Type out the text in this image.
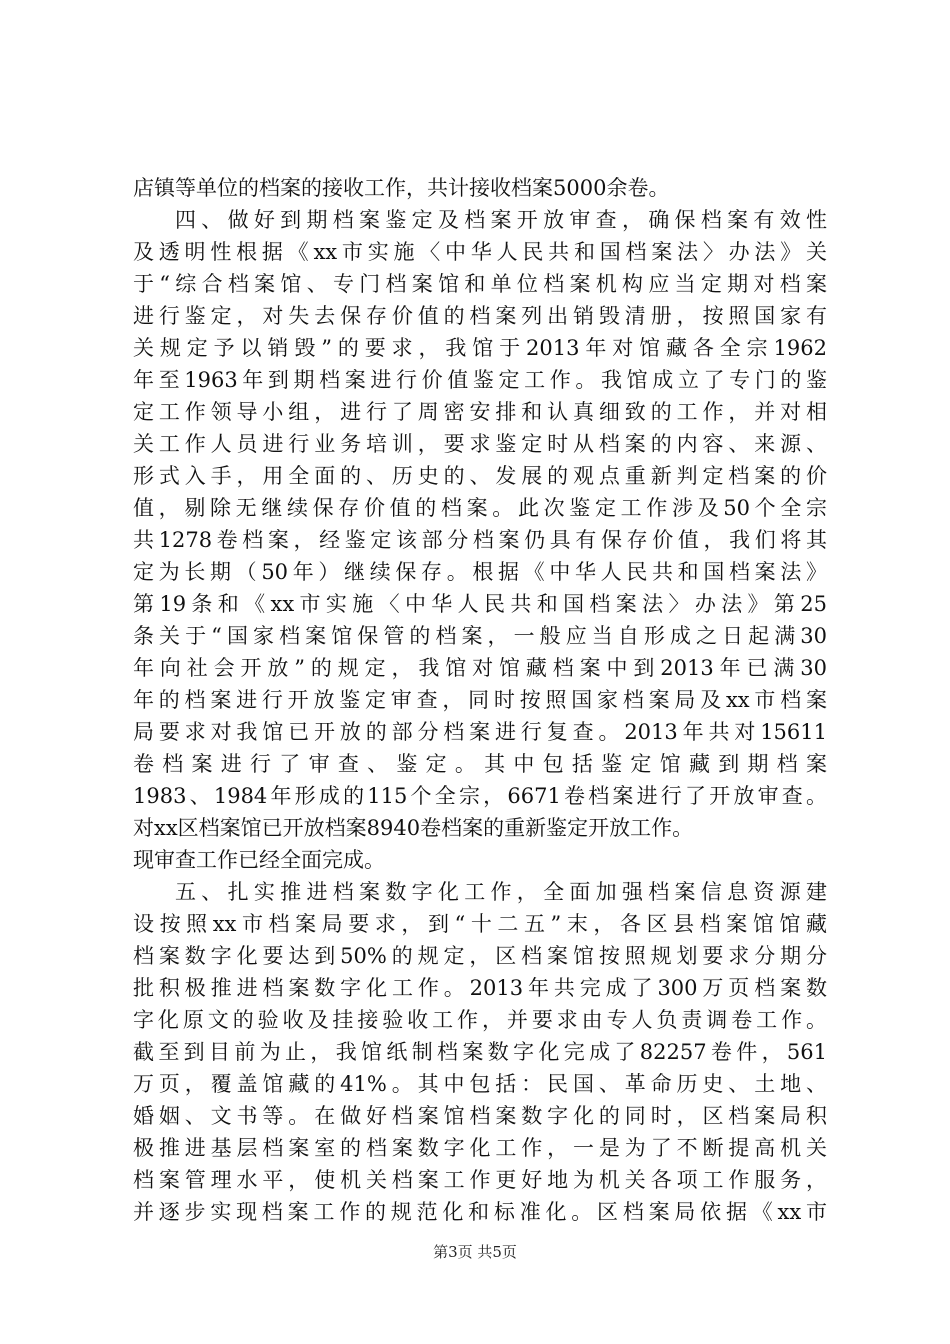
店镇等单位的档案的接收工作，共计接收档案5000余卷。
四、做好到期档案鉴定及档案开放审查，确保档案有效性
及透明性根据《xx市实施〈中华人民共和国档案法〉办法》关
于“综合档案馆、专门档案馆和单位档案机构应当定期对档案
进行鉴定，对失去保存价值的档案列出销毁清册，按照国家有
关规定予以销毁”的要求，我馆于2013年对馆藏各全宗1962
年至1963年到期档案进行价值鉴定工作。我馆成立了专门的鉴
定工作领导小组，进行了周密安排和认真细致的工作，并对相
关工作人员进行业务培训，要求鉴定时从档案的内容、来源、
形式入手，用全面的、历史的、发展的观点重新判定档案的价
值，剔除无继续保存价值的档案。此次鉴定工作涉及50个全宗
共1278卷档案，经鉴定该部分档案仍具有保存价值，我们将其
定为长期（50年）继续保存。根据《中华人民共和国档案法》
第19条和《xx市实施〈中华人民共和国档案法〉办法》第25
条关于“国家档案馆保管的档案，一般应当自形成之日起满30
年向社会开放”的规定，我馆对馆藏档案中到2013年已满30
年的档案进行开放鉴定审查，同时按照国家档案局及xx市档案
局要求对我馆已开放的部分档案进行复查。2013年共对15611
卷档案进行了审查、鉴定。其中包括鉴定馆藏到期档案
1983、1984年形成的115个全宗，6671卷档案进行了开放审查。
对xx区档案馆已开放档案8940卷档案的重新鉴定开放工作。
现审查工作已经全面完成。
五、扎实推进档案数字化工作，全面加强档案信息资源建
设按照xx市档案局要求，到“十二五”末，各区县档案馆馆藏
档案数字化要达到50%的规定，区档案馆按照规划要求分期分
批积极推进档案数字化工作。2013年共完成了300万页档案数
字化原文的验收及挂接验收工作，并要求由专人负责调卷工作。
截至到目前为止，我馆纸制档案数字化完成了82257卷件，561
万页，覆盖馆藏的41%。其中包括：民国、革命历史、土地、
婚姻、文书等。在做好档案馆档案数字化的同时，区档案局积
极推进基层档案室的档案数字化工作，一是为了不断提高机关
档案管理水平，使机关档案工作更好地为机关各项工作服务，
并逐步实现档案工作的规范化和标准化。区档案局依据《xx市
第3页 共5页
